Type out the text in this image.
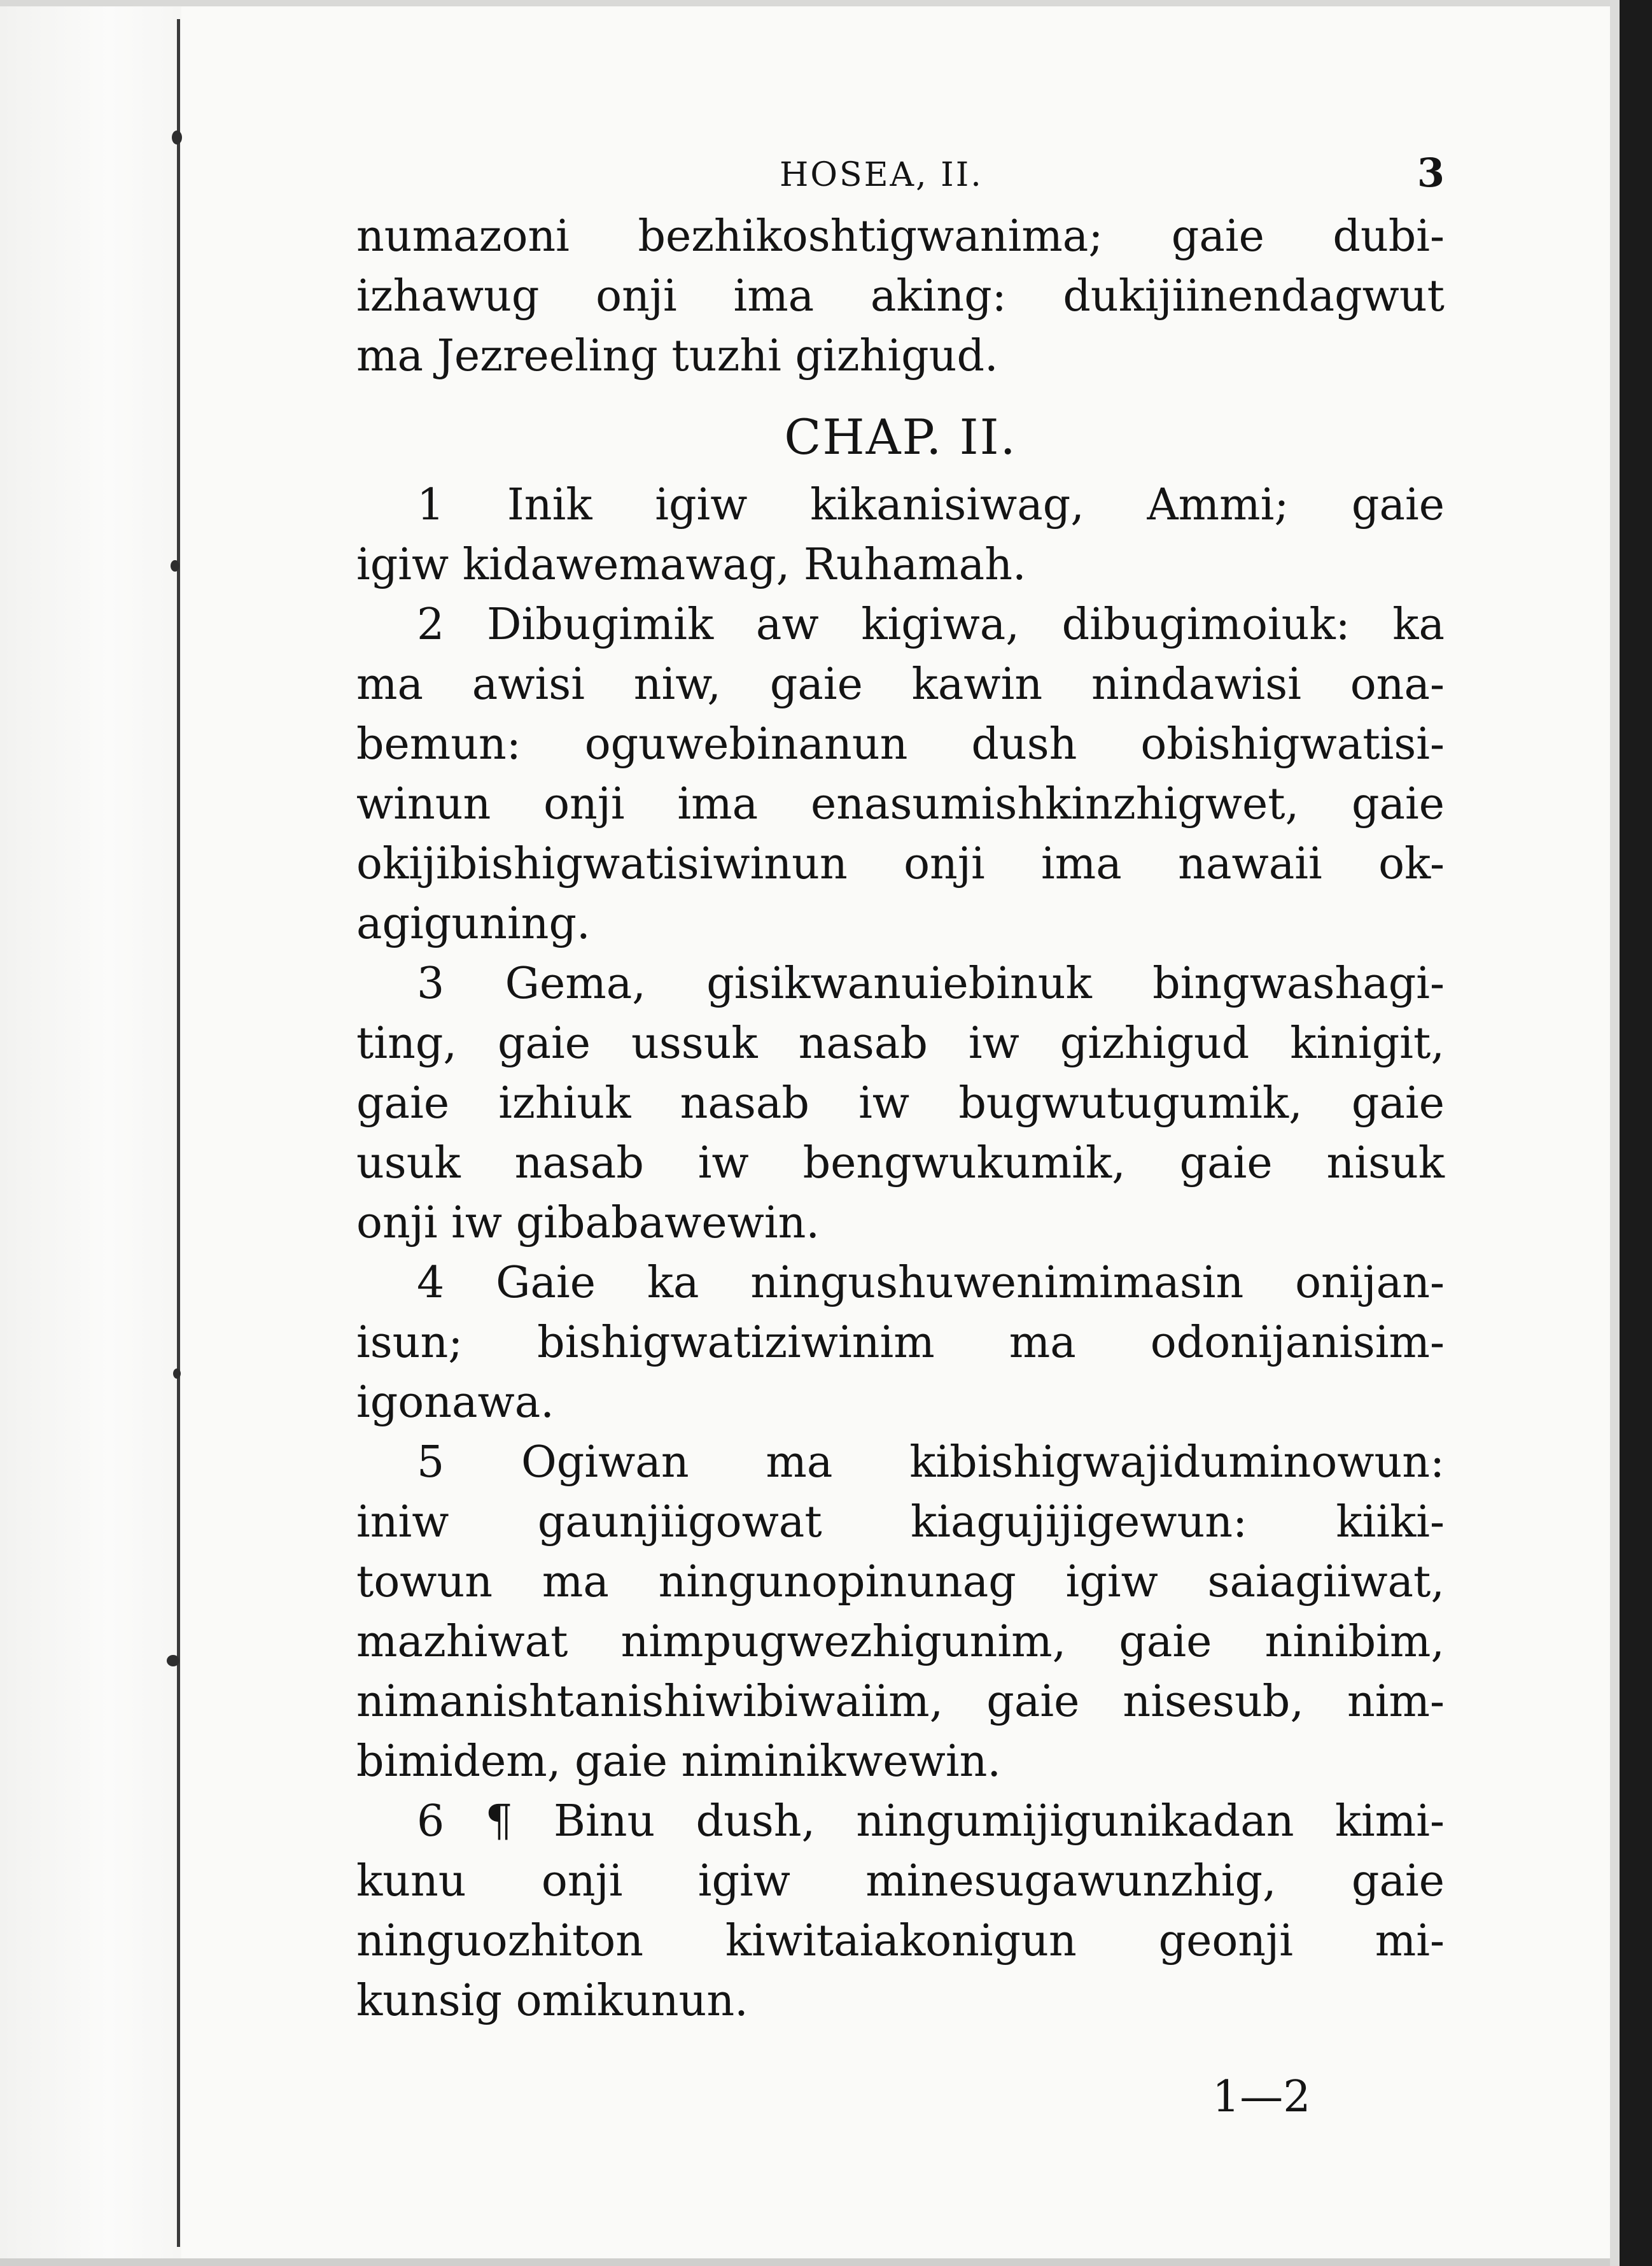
HOSEA, II.	3
numazoni bezhikoshtigwanima; gaie dubi-
izhawug onji ima aking: dukijiinendagwut
ma Jezreeling tuzhi gizhigud.
CHAP. II.
1 Inik igiw kikanisiwag, Ammi; gaie
igiw kidawemawag, Ruhamah.
2 Dibugimik aw kigiwa, dibugimoiuk: ka
ma awisi niw, gaie kawin nindawisi ona-
bemun: oguwebinanun dush obishigwatisi-
winun onji ima enasumishkinzhigwet, gaie
okijibishigwatisiwinun onji ima nawaii ok-
agiguning.
3 Gema, gisikwanuiebinuk bingwashagi-
ting, gaie ussuk nasab iw gizhigud kinigit,
gaie izhiuk nasab iw bugwutugumik, gaie
usuk nasab iw bengwukumik, gaie nisuk
onji iw gibabawewin.
4 Gaie ka ningushuwenimimasin onijan-
isun; bishigwatiziwinim ma odonijanisim-
igonawa.
5 Ogiwan ma kibishigwajiduminowun:
iniw gaunjiigowat kiagujijigewun: kiiki-
towun ma ningunopinunag igiw saiagiiwat,
mazhiwat nimpugwezhigunim, gaie ninibim,
nimanishtanishiwibiwaiim, gaie nisesub, nim-
bimidem, gaie niminikwewin.
6 ¶ Binu dush, ningumijigunikadan kimi-
kunu onji igiw minesugawunzhig, gaie
ninguozhiton kiwitaiakonigun geonji mi-
kunsig omikunun.
1—2
